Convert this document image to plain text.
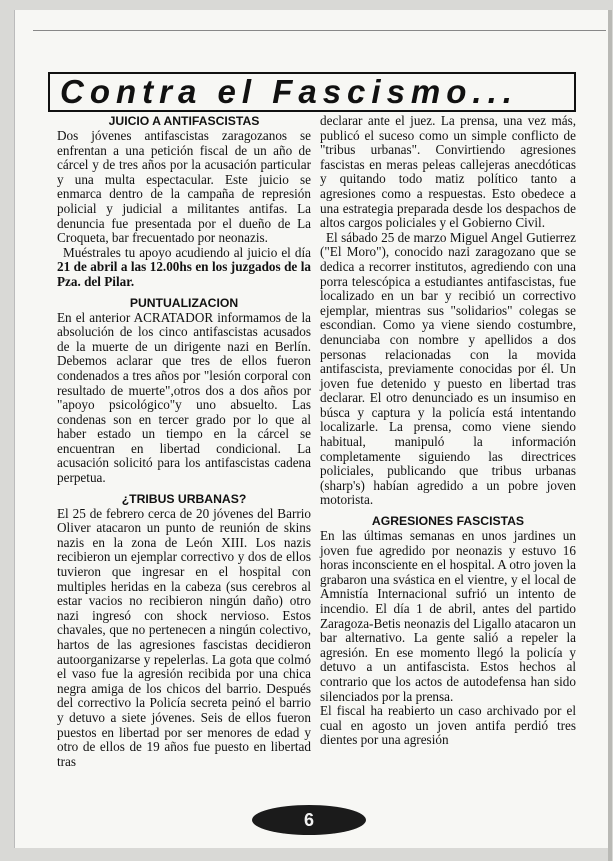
Contra el Fascismo...
JUICIO A ANTIFASCISTAS

Dos jóvenes antifascistas zaragozanos se enfrentan a una petición fiscal de un año de cárcel y de tres años por la acusación particular y una multa espectacular. Este juicio se enmarca dentro de la campaña de represión policial y judicial a militantes antifas. La denuncia fue presentada por el dueño de La Croqueta, bar frecuentado por neonazis.

Muéstrales tu apoyo acudiendo al juicio el día 21 de abril a las 12.00hs en los juzgados de la Pza. del Pilar.

PUNTUALIZACION

En el anterior ACRATADOR informamos de la absolución de los cinco antifascistas acusados de la muerte de un dirigente nazi en Berlín. Debemos aclarar que tres de ellos fueron condenados a tres años por "lesión corporal con resultado de muerte",otros dos a dos años por "apoyo psicológico"y uno absuelto. Las condenas son en tercer grado por lo que al haber estado un tiempo en la cárcel se encuentran en libertad condicional. La acusación solicitó para los antifascistas cadena perpetua.

¿TRIBUS URBANAS?

El 25 de febrero cerca de 20 jóvenes del Barrio Oliver atacaron un punto de reunión de skins nazis en la zona de León XIII. Los nazis recibieron un ejemplar correctivo y dos de ellos tuvieron que ingresar en el hospital con multiples heridas en la cabeza (sus cerebros al estar vacios no recibieron ningún daño) otro nazi ingresó con shock nervioso. Estos chavales, que no pertenecen a ningún colectivo, hartos de las agresiones fascistas decidieron autoorganizarse y repelerlas. La gota que colmó el vaso fue la agresión recibida por una chica negra amiga de los chicos del barrio. Después del correctivo la Policía secreta peinó el barrio y detuvo a siete jóvenes. Seis de ellos fueron puestos en libertad por ser menores de edad y otro de ellos de 19 años fue puesto en libertad tras

declarar ante el juez. La prensa, una vez más, publicó el suceso como un simple conflicto de "tribus urbanas". Convirtiendo agresiones fascistas en meras peleas callejeras anecdóticas y quitando todo matiz político tanto a agresiones como a respuestas. Esto obedece a una estrategia preparada desde los despachos de altos cargos policiales y el Gobierno Civil.

El sábado 25 de marzo Miguel Angel Gutierrez ("El Moro"), conocido nazi zaragozano que se dedica a recorrer institutos, agrediendo con una porra telescópica a estudiantes antifascistas, fue localizado en un bar y recibió un correctivo ejemplar, mientras sus "solidarios" colegas se escondian. Como ya viene siendo costumbre, denunciaba con nombre y apellidos a dos personas relacionadas con la movida antifascista, previamente conocidas por él. Un joven fue detenido y puesto en libertad tras declarar. El otro denunciado es un insumiso en búsca y captura y la policía está intentando localizarle. La prensa, como viene siendo habitual, manipuló la información completamente siguiendo las directrices policiales, publicando que tribus urbanas (sharp's) habían agredido a un pobre joven motorista.

AGRESIONES FASCISTAS

En las últimas semanas en unos jardines un joven fue agredido por neonazis y estuvo 16 horas inconsciente en el hospital. A otro joven la grabaron una svástica en el vientre, y el local de Amnistía Internacional sufrió un intento de incendio. El día 1 de abril, antes del partido Zaragoza-Betis neonazis del Ligallo atacaron un bar alternativo. La gente salió a repeler la agresión. En ese momento llegó la policía y detuvo a un antifascista. Estos hechos al contrario que los actos de autodefensa han sido silenciados por la prensa.

El fiscal ha reabierto un caso archivado por el cual en agosto un joven antifa perdió tres dientes por una agresión

6
